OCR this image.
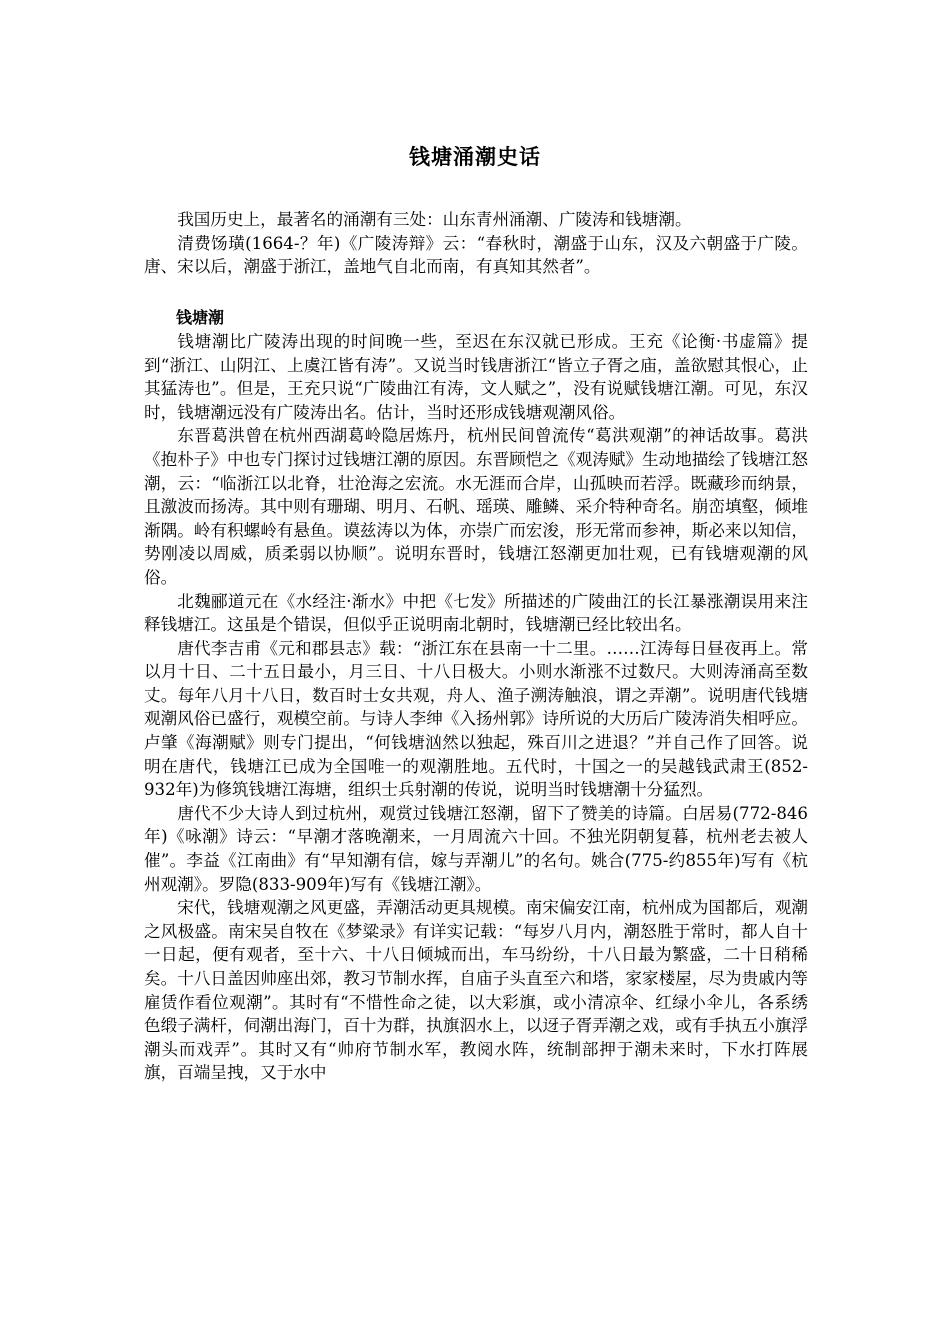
钱塘涌潮史话

我国历史上，最著名的涌潮有三处：山东青州涌潮、广陵涛和钱塘潮。

清费饧璜(1664-？年)《广陵涛辩》云：“春秋时，潮盛于山东，汉及六朝盛于广陵。唐、宋以后，潮盛于浙江，盖地气自北而南，有真知其然者”。

钱塘潮

钱塘潮比广陵涛出现的时间晚一些，至迟在东汉就已形成。王充《论衡·书虚篇》提到“浙江、山阴江、上虞江皆有涛”。又说当时钱唐浙江“皆立子胥之庙，盖欲慰其恨心，止其猛涛也”。但是，王充只说“广陵曲江有涛，文人赋之”，没有说赋钱塘江潮。可见，东汉时，钱塘潮远没有广陵涛出名。估计，当时还形成钱塘观潮风俗。

东晋葛洪曾在杭州西湖葛岭隐居炼丹，杭州民间曾流传“葛洪观潮”的神话故事。葛洪《抱朴子》中也专门探讨过钱塘江潮的原因。东晋顾恺之《观涛赋》生动地描绘了钱塘江怒潮，云：“临浙江以北脊，壮沧海之宏流。水无涯而合岸，山孤映而若浮。既藏珍而纳景，且激波而扬涛。其中则有珊瑚、明月、石帆、瑶瑛、雕鳞、采介特种奇名。崩峦填壑，倾堆渐隅。岭有积螺岭有悬鱼。谟兹涛以为体，亦崇广而宏浚，形无常而参神，斯必来以知信，势刚凌以周威，质柔弱以协顺”。说明东晋时，钱塘江怒潮更加壮观，已有钱塘观潮的风俗。

北魏郦道元在《水经注·渐水》中把《七发》所描述的广陵曲江的长江暴涨潮误用来注释钱塘江。这虽是个错误，但似乎正说明南北朝时，钱塘潮已经比较出名。

唐代李吉甫《元和郡县志》载：“浙江东在县南一十二里。……江涛每日昼夜再上。常以月十日、二十五日最小，月三日、十八日极大。小则水渐涨不过数尺。大则涛涌高至数丈。每年八月十八日，数百时士女共观，舟人、渔子溯涛触浪，谓之弄潮”。说明唐代钱塘观潮风俗已盛行，观模空前。与诗人李绅《入扬州郭》诗所说的大历后广陵涛消失相呼应。卢肇《海潮赋》则专门提出，“何钱塘汹然以独起，殊百川之进退？”并自己作了回答。说明在唐代，钱塘江已成为全国唯一的观潮胜地。五代时，十国之一的吴越钱武肃王(852-932年)为修筑钱塘江海塘，组织士兵射潮的传说，说明当时钱塘潮十分猛烈。

唐代不少大诗人到过杭州，观赏过钱塘江怒潮，留下了赞美的诗篇。白居易(772-846年)《咏潮》诗云：“早潮才落晚潮来，一月周流六十回。不独光阴朝复暮，杭州老去被人催”。李益《江南曲》有“早知潮有信，嫁与弄潮儿”的名句。姚合(775-约855年)写有《杭州观潮》。罗隐(833-909年)写有《钱塘江潮》。

宋代，钱塘观潮之风更盛，弄潮活动更具规模。南宋偏安江南，杭州成为国都后，观潮之风极盛。南宋吴自牧在《梦粱录》有详实记载：“每岁八月内，潮怒胜于常时，都人自十一日起，便有观者，至十六、十八日倾城而出，车马纷纷，十八日最为繁盛，二十日稍稀矣。十八日盖因帅座出郊，教习节制水挥，自庙子头直至六和塔，家家楼屋，尽为贵戚内等雇赁作看位观潮”。其时有“不惜性命之徒，以大彩旗，或小清凉伞、红绿小伞儿，各系绣色缎子满杆，伺潮出海门，百十为群，执旗泅水上，以迓子胥弄潮之戏，或有手执五小旗浮潮头而戏弄”。其时又有“帅府节制水军，教阅水阵，统制部押于潮未来时，下水打阵展旗，百端呈拽，又于水中
